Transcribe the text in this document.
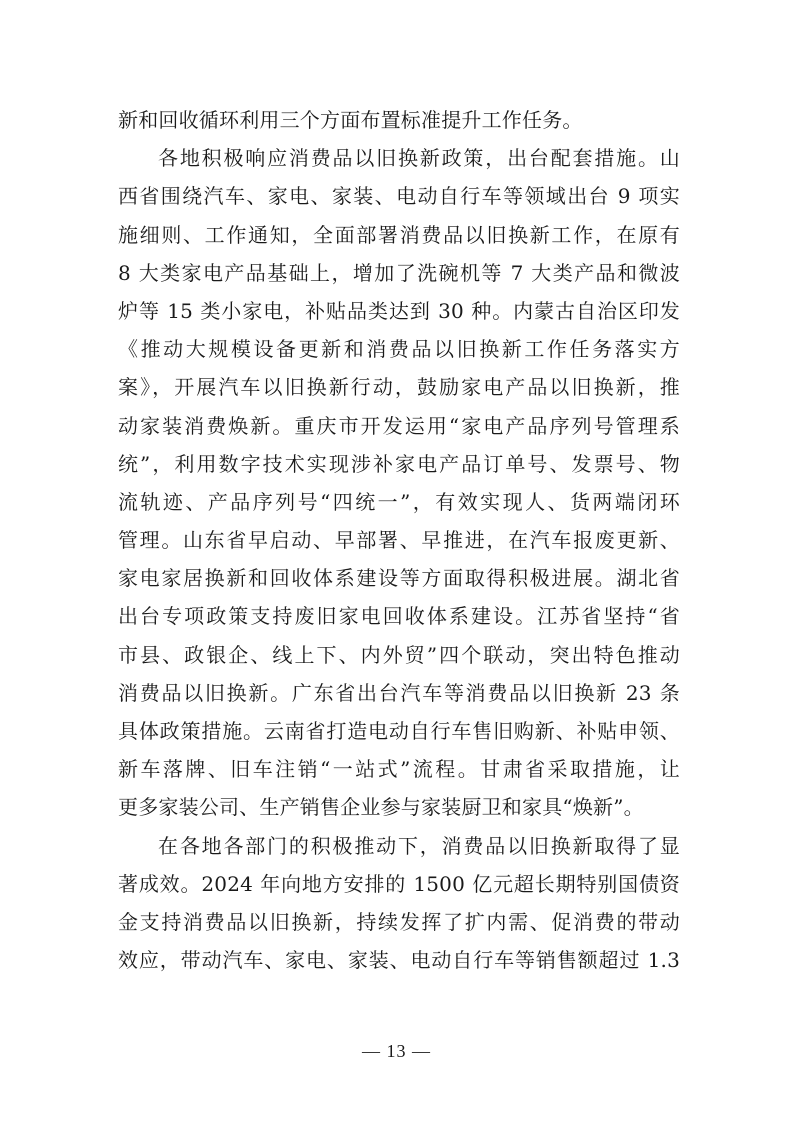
新和回收循环利用三个方面布置标准提升工作任务。
各地积极响应消费品以旧换新政策，出台配套措施。山
西省围绕汽车、家电、家装、电动自行车等领域出台 9 项实
施细则、工作通知，全面部署消费品以旧换新工作，在原有
8 大类家电产品基础上，增加了洗碗机等 7 大类产品和微波
炉等 15 类小家电，补贴品类达到 30 种。内蒙古自治区印发
《推动大规模设备更新和消费品以旧换新工作任务落实方
案》，开展汽车以旧换新行动，鼓励家电产品以旧换新，推
动家装消费焕新。重庆市开发运用“家电产品序列号管理系
统”，利用数字技术实现涉补家电产品订单号、发票号、物
流轨迹、产品序列号“四统一”，有效实现人、货两端闭环
管理。山东省早启动、早部署、早推进，在汽车报废更新、
家电家居换新和回收体系建设等方面取得积极进展。湖北省
出台专项政策支持废旧家电回收体系建设。江苏省坚持“省
市县、政银企、线上下、内外贸”四个联动，突出特色推动
消费品以旧换新。广东省出台汽车等消费品以旧换新 23 条
具体政策措施。云南省打造电动自行车售旧购新、补贴申领、
新车落牌、旧车注销“一站式”流程。甘肃省采取措施，让
更多家装公司、生产销售企业参与家装厨卫和家具“焕新”。
在各地各部门的积极推动下，消费品以旧换新取得了显
著成效。2024 年向地方安排的 1500 亿元超长期特别国债资
金支持消费品以旧换新，持续发挥了扩内需、促消费的带动
效应，带动汽车、家电、家装、电动自行车等销售额超过 1.3
— 13 —
